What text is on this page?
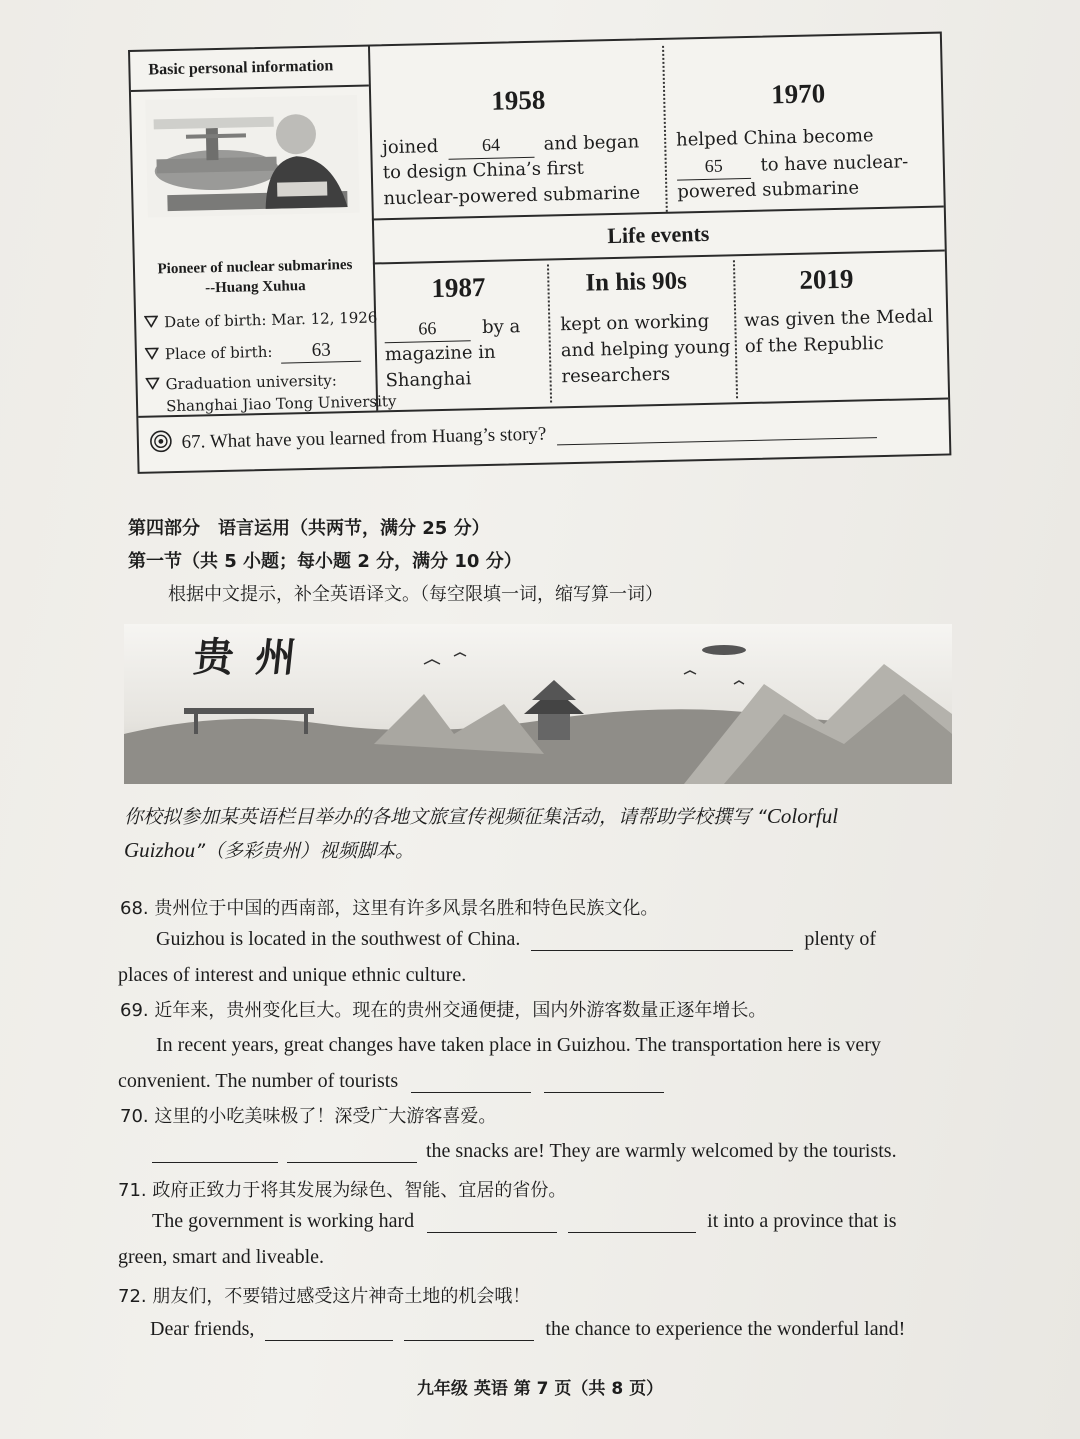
Basic personal information
Pioneer of nuclear submarines
--Huang Xuhua
Date of birth: Mar. 12, 1926
Place of birth: 63
Graduation university:
Shanghai Jiao Tong University
1958
joined 64 and began
to design China’s first
nuclear-powered submarine
1970
helped China become
65 to have nuclear-
powered submarine
Life events
1987
66	by a
magazine in
Shanghai
In his 90s
kept on working
and helping young
researchers
2019
was given the Medal
of the Republic
67. What have you learned from Huang’s story?
第四部分　语言运用（共两节，满分 25 分）
第一节（共 5 小题；每小题 2 分，满分 10 分）
根据中文提示，补全英语译文。（每空限填一词，缩写算一词）
贵州
你校拟参加某英语栏目举办的各地文旅宣传视频征集活动，请帮助学校撰写 “Colorful
Guizhou”（多彩贵州）视频脚本。
68. 贵州位于中国的西南部，这里有许多风景名胜和特色民族文化。
Guizhou is located in the southwest of China.	plenty of
places of interest and unique ethnic culture.
69. 近年来，贵州变化巨大。现在的贵州交通便捷，国内外游客数量正逐年增长。
In recent years, great changes have taken place in Guizhou. The transportation here is very
convenient. The number of tourists
70. 这里的小吃美味极了！深受广大游客喜爱。
the snacks are! They are warmly welcomed by the tourists.
71. 政府正致力于将其发展为绿色、智能、宜居的省份。
The government is working hard	it into a province that is
green, smart and liveable.
72. 朋友们，不要错过感受这片神奇土地的机会哦！
Dear friends,	the chance to experience the wonderful land!
九年级 英语 第 7 页（共 8 页）
